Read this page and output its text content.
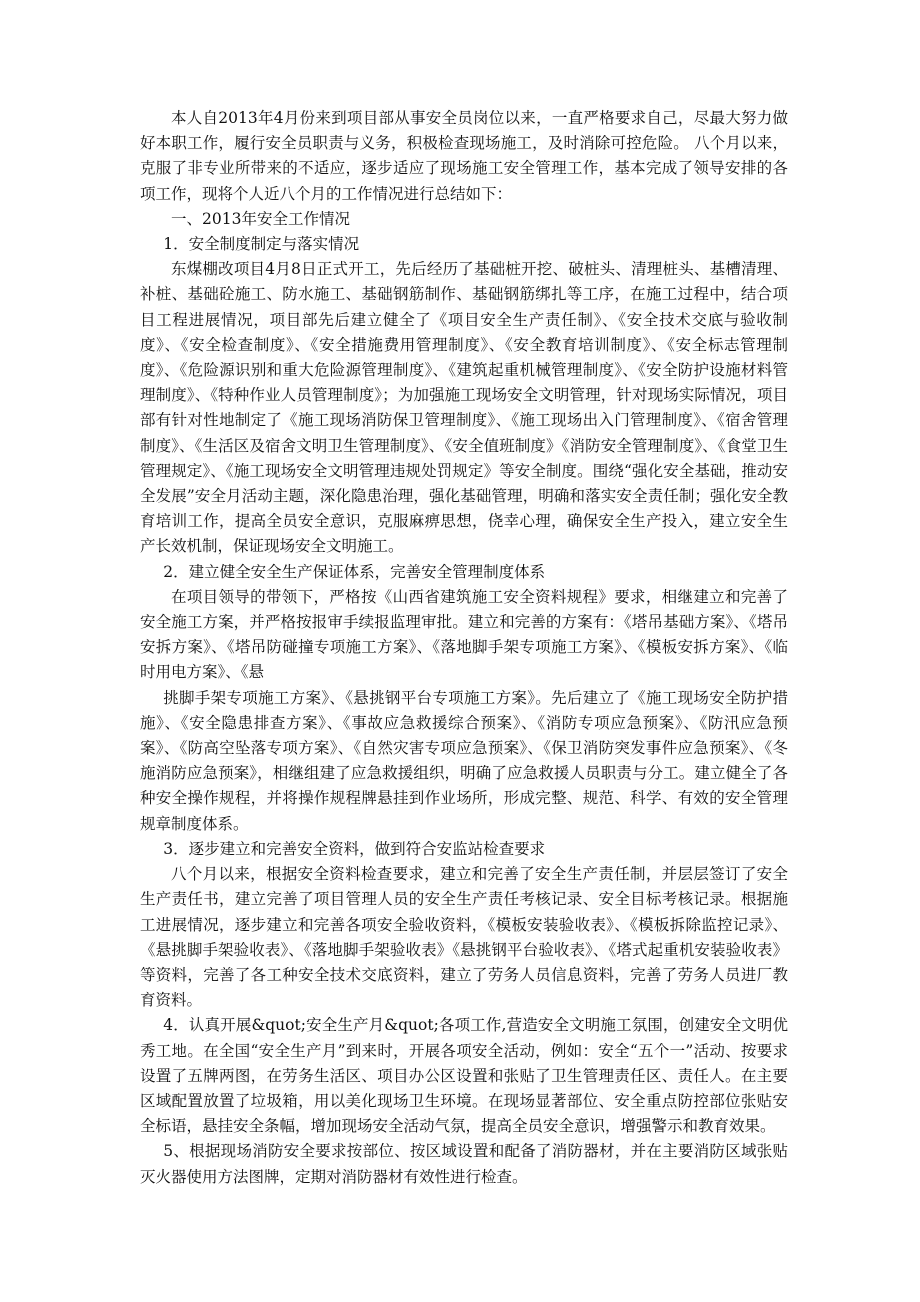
本人自2013年4月份来到项目部从事安全员岗位以来，一直严格要求自己，尽最大努力做好本职工作，履行安全员职责与义务，积极检查现场施工，及时消除可控危险。 八个月以来，克服了非专业所带来的不适应，逐步适应了现场施工安全管理工作，基本完成了领导安排的各项工作，现将个人近八个月的工作情况进行总结如下：

一、2013年安全工作情况

1．安全制度制定与落实情况

东煤棚改项目4月8日正式开工，先后经历了基础桩开挖、破桩头、清理桩头、基槽清理、补桩、基础砼施工、防水施工、基础钢筋制作、基础钢筋绑扎等工序，在施工过程中，结合项目工程进展情况，项目部先后建立健全了《项目安全生产责任制》、《安全技术交底与验收制度》、《安全检查制度》、《安全措施费用管理制度》、《安全教育培训制度》、《安全标志管理制度》、《危险源识别和重大危险源管理制度》、《建筑起重机械管理制度》、《安全防护设施材料管理制度》、《特种作业人员管理制度》；为加强施工现场安全文明管理，针对现场实际情况，项目部有针对性地制定了《施工现场消防保卫管理制度》、《施工现场出入门管理制度》、《宿舍管理制度》、《生活区及宿舍文明卫生管理制度》、《安全值班制度》《消防安全管理制度》、《食堂卫生管理规定》、《施工现场安全文明管理违规处罚规定》等安全制度。围绕“强化安全基础，推动安全发展”安全月活动主题，深化隐患治理，强化基础管理，明确和落实安全责任制；强化安全教育培训工作，提高全员安全意识，克服麻痹思想，侥幸心理，确保安全生产投入，建立安全生产长效机制，保证现场安全文明施工。

2．建立健全安全生产保证体系，完善安全管理制度体系

在项目领导的带领下，严格按《山西省建筑施工安全资料规程》要求，相继建立和完善了安全施工方案，并严格按报审手续报监理审批。建立和完善的方案有：《塔吊基础方案》、《塔吊安拆方案》、《塔吊防碰撞专项施工方案》、《落地脚手架专项施工方案》、《模板安拆方案》、《临时用电方案》、《悬

挑脚手架专项施工方案》、《悬挑钢平台专项施工方案》。先后建立了《施工现场安全防护措施》、《安全隐患排查方案》、《事故应急救援综合预案》、《消防专项应急预案》、《防汛应急预案》、《防高空坠落专项方案》、《自然灾害专项应急预案》、《保卫消防突发事件应急预案》、《冬施消防应急预案》，相继组建了应急救援组织，明确了应急救援人员职责与分工。建立健全了各种安全操作规程，并将操作规程牌悬挂到作业场所，形成完整、规范、科学、有效的安全管理规章制度体系。

3．逐步建立和完善安全资料，做到符合安监站检查要求

八个月以来，根据安全资料检查要求，建立和完善了安全生产责任制，并层层签订了安全生产责任书，建立完善了项目管理人员的安全生产责任考核记录、安全目标考核记录。根据施工进展情况，逐步建立和完善各项安全验收资料，《模板安装验收表》、《模板拆除监控记录》、《悬挑脚手架验收表》、《落地脚手架验收表》《悬挑钢平台验收表》、《塔式起重机安装验收表》等资料，完善了各工种安全技术交底资料，建立了劳务人员信息资料，完善了劳务人员进厂教育资料。

4．认真开展&quot;安全生产月&quot;各项工作,营造安全文明施工氛围，创建安全文明优秀工地。在全国“安全生产月”到来时，开展各项安全活动，例如：安全“五个一”活动、按要求设置了五牌两图，在劳务生活区、项目办公区设置和张贴了卫生管理责任区、责任人。在主要区域配置放置了垃圾箱，用以美化现场卫生环境。在现场显著部位、安全重点防控部位张贴安全标语，悬挂安全条幅，增加现场安全活动气氛，提高全员安全意识，增强警示和教育效果。

5、根据现场消防安全要求按部位、按区域设置和配备了消防器材，并在主要消防区域张贴灭火器使用方法图牌，定期对消防器材有效性进行检查。
